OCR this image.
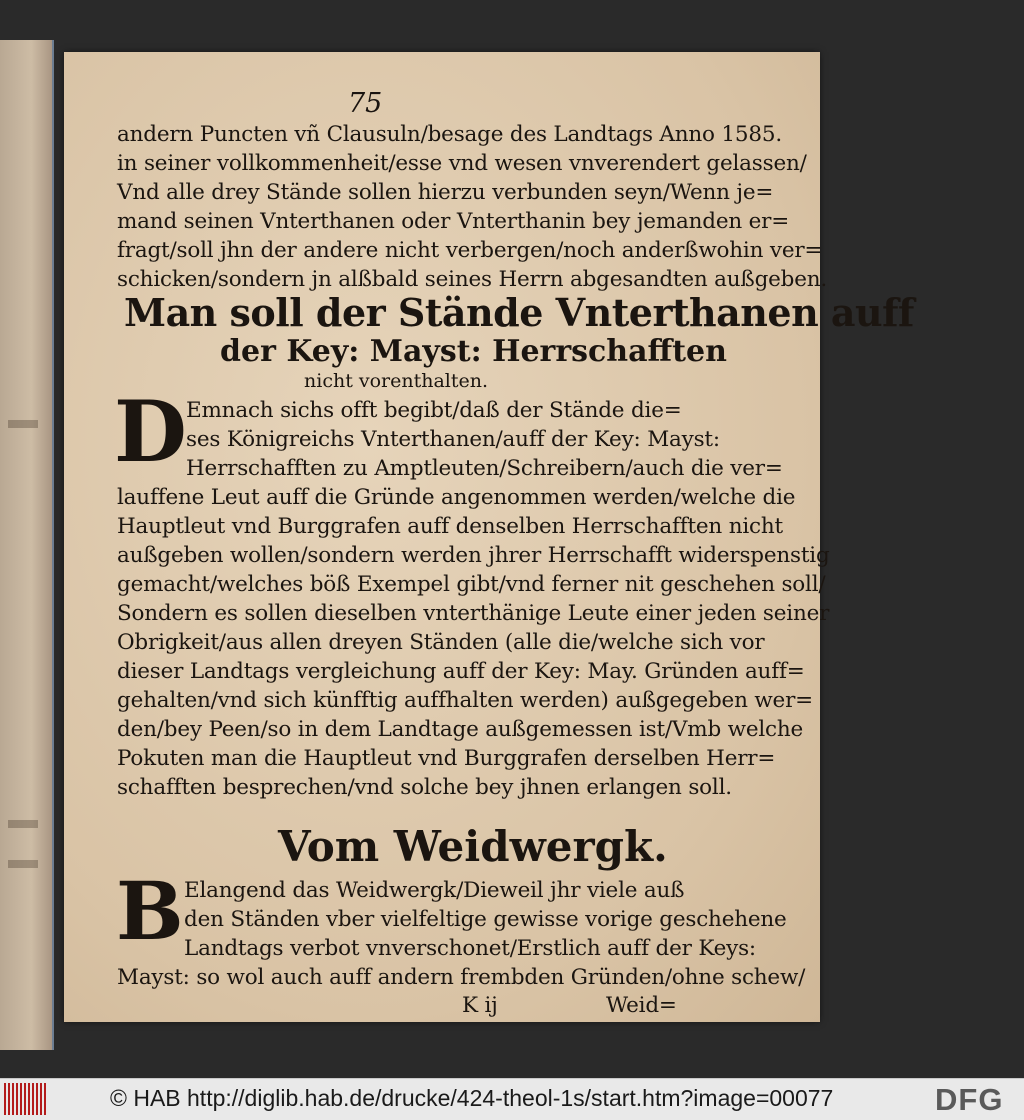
75
andern Puncten vñ Clausuln/besage des Landtags Anno 1585.
in seiner vollkommenheit/esse vnd wesen vnverendert gelassen/
Vnd alle drey Stände sollen hierzu verbunden seyn/Wenn je=
mand seinen Vnterthanen oder Vnterthanin bey jemanden er=
fragt/soll jhn der andere nicht verbergen/noch anderßwohin ver=
schicken/sondern jn alßbald seines Herrn abgesandten außgeben.
Man soll der Stände Vnterthanen auff
der Key: Mayst: Herrschafften
nicht vorenthalten.
D Emnach sichs offt begibt/daß der Stände die=
ses Königreichs Vnterthanen/auff der Key: Mayst:
Herrschafften zu Amptleuten/Schreibern/auch die ver=
lauffene Leut auff die Gründe angenommen werden/welche die
Hauptleut vnd Burggrafen auff denselben Herrschafften nicht
außgeben wollen/sondern werden jhrer Herrschafft widerspenstig
gemacht/welches böß Exempel gibt/vnd ferner nit geschehen soll/
Sondern es sollen dieselben vnterthänige Leute einer jeden seiner
Obrigkeit/aus allen dreyen Ständen (alle die/welche sich vor
dieser Landtags vergleichung auff der Key: May. Gründen auff=
gehalten/vnd sich künfftig auffhalten werden) außgegeben wer=
den/bey Peen/so in dem Landtage außgemessen ist/Vmb welche
Pokuten man die Hauptleut vnd Burggrafen derselben Herr=
schafften besprechen/vnd solche bey jhnen erlangen soll.
Vom Weidwergk.
B Elangend das Weidwergk/Dieweil jhr viele auß
den Ständen vber vielfeltige gewisse vorige geschehene
Landtags verbot vnverschonet/Erstlich auff der Keys:
Mayst: so wol auch auff andern frembden Gründen/ohne schew/
K ij	Weid=
© HAB http://diglib.hab.de/drucke/424-theol-1s/start.htm?image=00077	DFG
